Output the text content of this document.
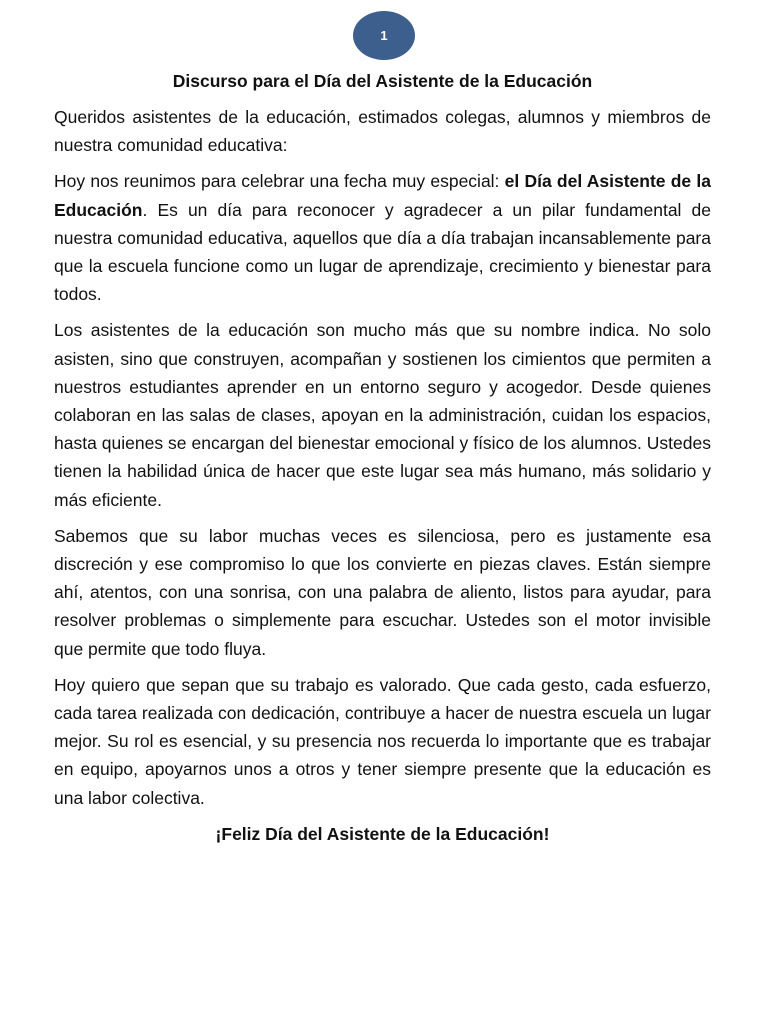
1
Discurso para el Día del Asistente de la Educación

Queridos asistentes de la educación, estimados colegas, alumnos y miembros de nuestra comunidad educativa:

Hoy nos reunimos para celebrar una fecha muy especial: el Día del Asistente de la Educación. Es un día para reconocer y agradecer a un pilar fundamental de nuestra comunidad educativa, aquellos que día a día trabajan incansablemente para que la escuela funcione como un lugar de aprendizaje, crecimiento y bienestar para todos.

Los asistentes de la educación son mucho más que su nombre indica. No solo asisten, sino que construyen, acompañan y sostienen los cimientos que permiten a nuestros estudiantes aprender en un entorno seguro y acogedor. Desde quienes colaboran en las salas de clases, apoyan en la administración, cuidan los espacios, hasta quienes se encargan del bienestar emocional y físico de los alumnos. Ustedes tienen la habilidad única de hacer que este lugar sea más humano, más solidario y más eficiente.

Sabemos que su labor muchas veces es silenciosa, pero es justamente esa discreción y ese compromiso lo que los convierte en piezas claves. Están siempre ahí, atentos, con una sonrisa, con una palabra de aliento, listos para ayudar, para resolver problemas o simplemente para escuchar. Ustedes son el motor invisible que permite que todo fluya.

Hoy quiero que sepan que su trabajo es valorado. Que cada gesto, cada esfuerzo, cada tarea realizada con dedicación, contribuye a hacer de nuestra escuela un lugar mejor. Su rol es esencial, y su presencia nos recuerda lo importante que es trabajar en equipo, apoyarnos unos a otros y tener siempre presente que la educación es una labor colectiva.

¡Feliz Día del Asistente de la Educación!
